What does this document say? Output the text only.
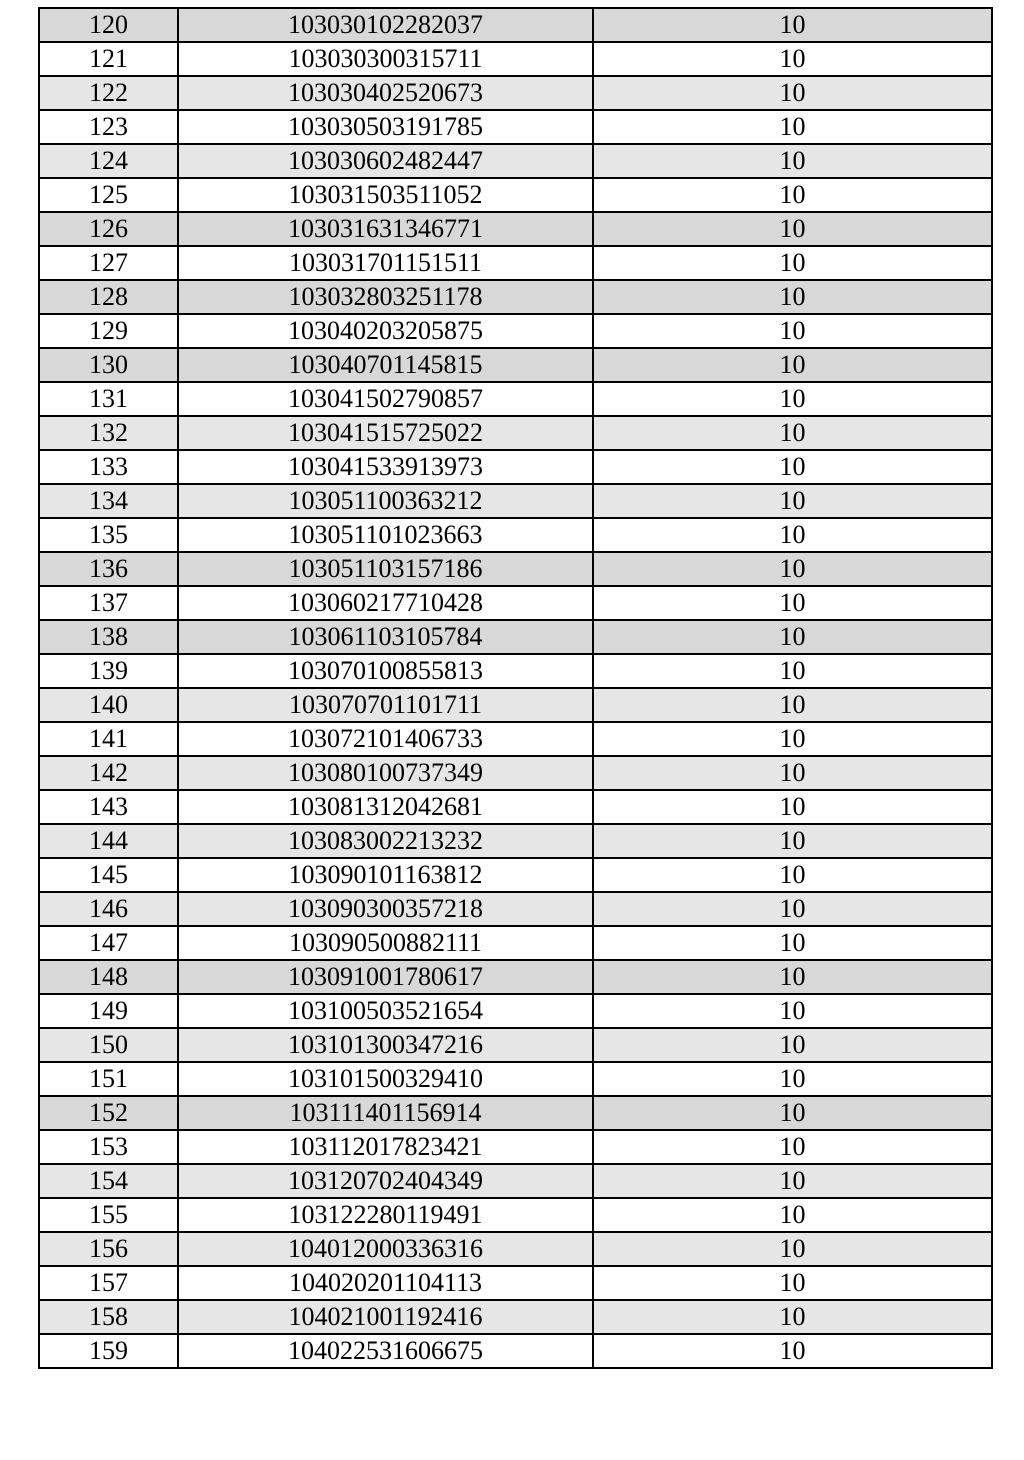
120	103030102282037	10
121	103030300315711	10
122	103030402520673	10
123	103030503191785	10
124	103030602482447	10
125	103031503511052	10
126	103031631346771	10
127	103031701151511	10
128	103032803251178	10
129	103040203205875	10
130	103040701145815	10
131	103041502790857	10
132	103041515725022	10
133	103041533913973	10
134	103051100363212	10
135	103051101023663	10
136	103051103157186	10
137	103060217710428	10
138	103061103105784	10
139	103070100855813	10
140	103070701101711	10
141	103072101406733	10
142	103080100737349	10
143	103081312042681	10
144	103083002213232	10
145	103090101163812	10
146	103090300357218	10
147	103090500882111	10
148	103091001780617	10
149	103100503521654	10
150	103101300347216	10
151	103101500329410	10
152	103111401156914	10
153	103112017823421	10
154	103120702404349	10
155	103122280119491	10
156	104012000336316	10
157	104020201104113	10
158	104021001192416	10
159	104022531606675	10
